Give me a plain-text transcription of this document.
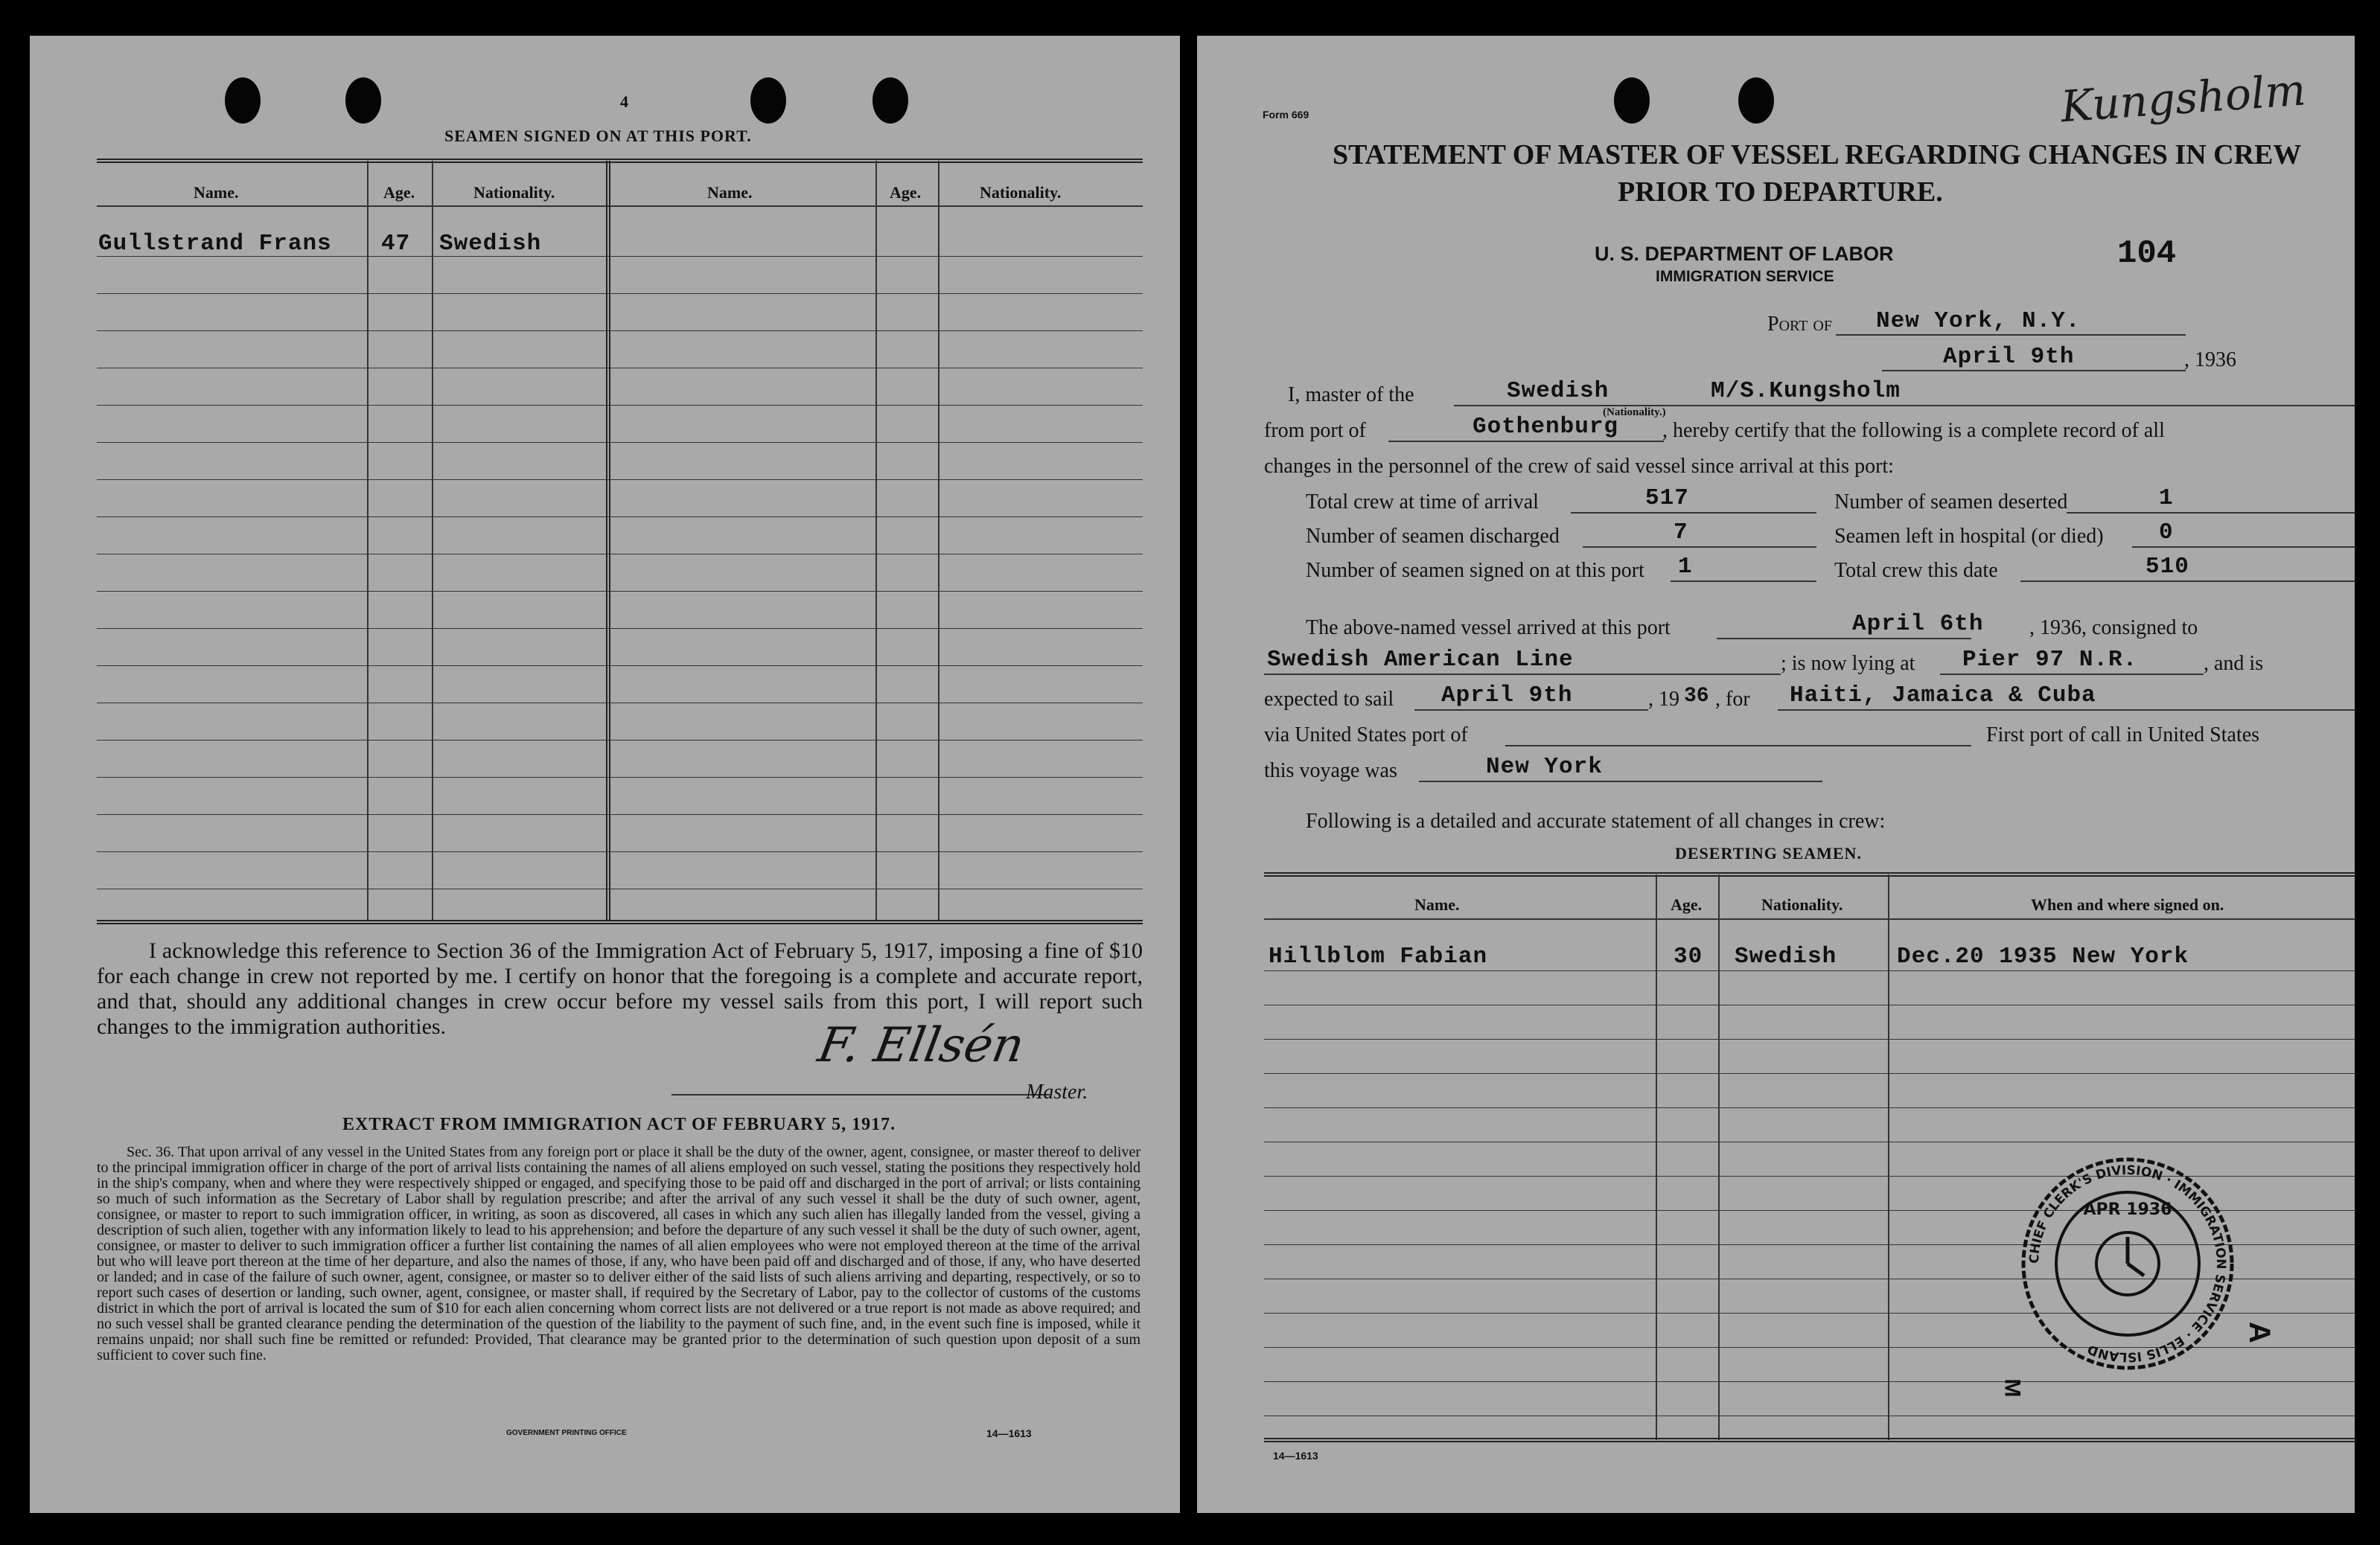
4
SEAMEN SIGNED ON AT THIS PORT.
Name.	Age.	Nationality.	Name.	Age.	Nationality.
Gullstrand Frans 47 Swedish
I acknowledge this reference to Section 36 of the Immigration Act of February 5, 1917, imposing a fine of $10 for each change in crew not reported by me. I certify on honor that the foregoing is a complete and accurate report, and that, should any additional changes in crew occur before my vessel sails from this port, I will report such changes to the immigration authorities.	F. Ellsén
Master.
EXTRACT FROM IMMIGRATION ACT OF FEBRUARY 5, 1917.
Sec. 36. That upon arrival of any vessel in the United States from any foreign port or place it shall be the duty of the owner, agent, consignee, or master thereof to deliver to the principal immigration officer in charge of the port of arrival lists containing the names of all aliens employed on such vessel, stating the positions they respectively hold in the ship's company, when and where they were respectively shipped or engaged, and specifying those to be paid off and discharged in the port of arrival; or lists containing so much of such information as the Secretary of Labor shall by regulation prescribe; and after the arrival of any such vessel it shall be the duty of such owner, agent, consignee, or master to report to such immigration officer, in writing, as soon as discovered, all cases in which any such alien has illegally landed from the vessel, giving a description of such alien, together with any information likely to lead to his apprehension; and before the departure of any such vessel it shall be the duty of such owner, agent, consignee, or master to deliver to such immigration officer a further list containing the names of all alien employees who were not employed thereon at the time of the arrival but who will leave port thereon at the time of her departure, and also the names of those, if any, who have been paid off and discharged and of those, if any, who have deserted or landed; and in case of the failure of such owner, agent, consignee, or master so to deliver either of the said lists of such aliens arriving and departing, respectively, or so to report such cases of desertion or landing, such owner, agent, consignee, or master shall, if required by the Secretary of Labor, pay to the collector of customs of the customs district in which the port of arrival is located the sum of $10 for each alien concerning whom correct lists are not delivered or a true report is not made as above required; and no such vessel shall be granted clearance pending the determination of the question of the liability to the payment of such fine, and, in the event such fine is imposed, while it remains unpaid; nor shall such fine be remitted or refunded: Provided, That clearance may be granted prior to the determination of such question upon deposit of a sum sufficient to cover such fine.
GOVERNMENT PRINTING OFFICE	14—1613
Form 669	Kungsholm
STATEMENT OF MASTER OF VESSEL REGARDING CHANGES IN CREW
PRIOR TO DEPARTURE.
U. S. DEPARTMENT OF LABOR
IMMIGRATION SERVICE
104
Port of New York, N.Y.
April 9th	, 1936
I, master of the	Swedish	M/S.Kungsholm
(Nationality.)
from port of	Gothenburg , hereby certify that the following is a complete record of all
changes in the personnel of the crew of said vessel since arrival at this port:
Total crew at time of arrival	517
Number of seamen discharged	7
Number of seamen signed on at this port 1
Number of seamen deserted	1
Seamen left in hospital (or died) 0
Total crew this date	510
The above-named vessel arrived at this port	April 6th , 1936, consigned to
Swedish American Line	; is now lying at Pier 97 N.R.	, and is
expected to sail April 9th	, 19 36 , for Haiti, Jamaica & Cuba
via United States port of	First port of call in United States
this voyage was	New York
Following is a detailed and accurate statement of all changes in crew:
DESERTING SEAMEN.
Name.	Age.	Nationality.	When and where signed on.
Hillblom Fabian	30 Swedish	Dec.20 1935 New York
CHIEF CLERK'S DIVISION · IMMIGRATION SERVICE · ELLIS ISLAND
APR 1936
A
M
14—1613
